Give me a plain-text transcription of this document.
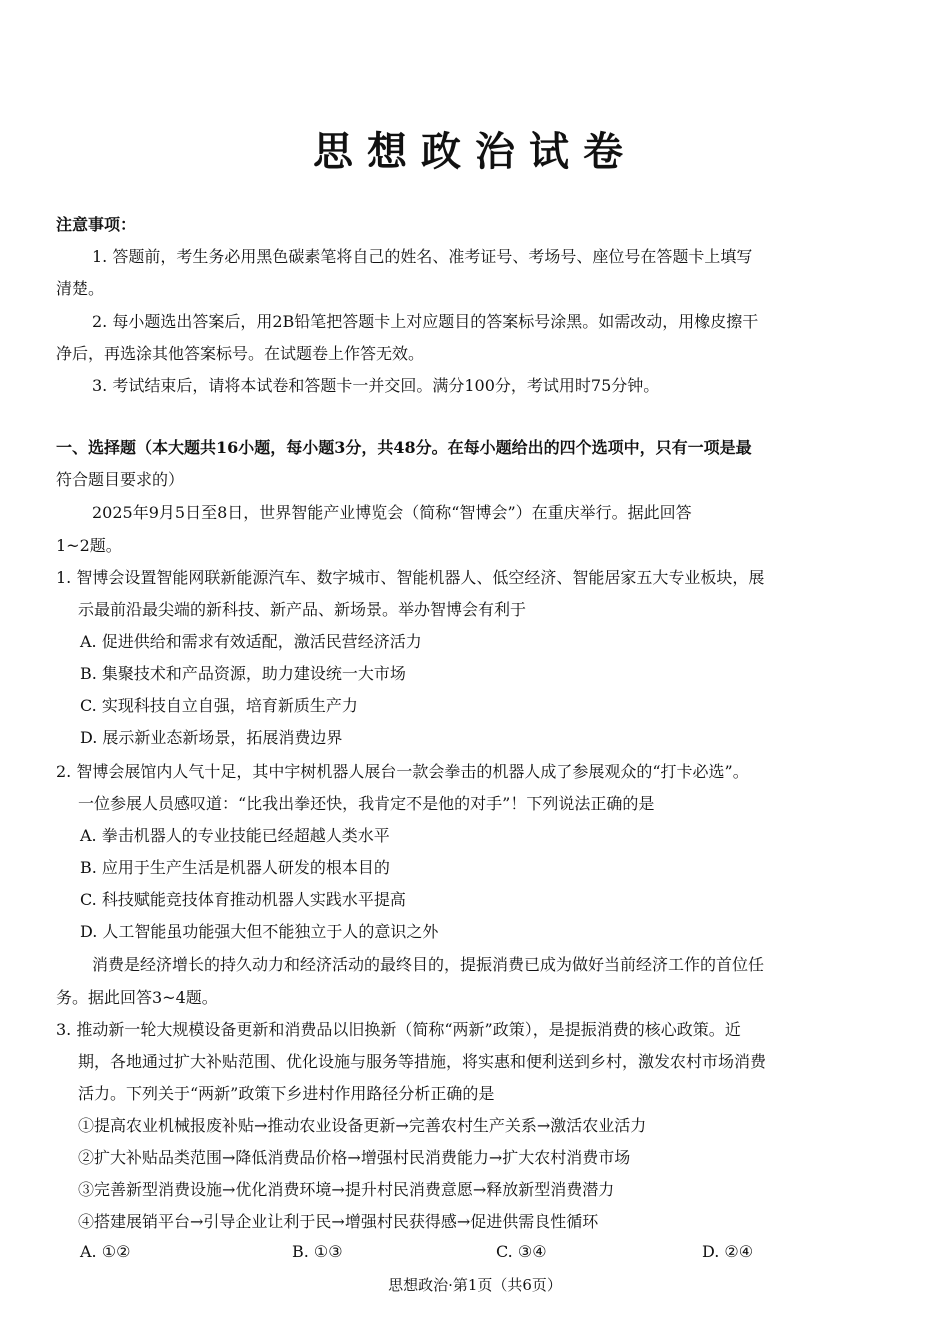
思想政治试卷
注意事项：
1. 答题前，考生务必用黑色碳素笔将自己的姓名、准考证号、考场号、座位号在答题卡上填写
清楚。
2. 每小题选出答案后，用2B铅笔把答题卡上对应题目的答案标号涂黑。如需改动，用橡皮擦干
净后，再选涂其他答案标号。在试题卷上作答无效。
3. 考试结束后，请将本试卷和答题卡一并交回。满分100分，考试用时75分钟。
一、选择题（本大题共16小题，每小题3分，共48分。在每小题给出的四个选项中，只有一项是最
符合题目要求的）
2025年9月5日至8日，世界智能产业博览会（简称“智博会”）在重庆举行。据此回答
1~2题。
1. 智博会设置智能网联新能源汽车、数字城市、智能机器人、低空经济、智能居家五大专业板块，展
示最前沿最尖端的新科技、新产品、新场景。举办智博会有利于
A. 促进供给和需求有效适配，激活民营经济活力
B. 集聚技术和产品资源，助力建设统一大市场
C. 实现科技自立自强，培育新质生产力
D. 展示新业态新场景，拓展消费边界
2. 智博会展馆内人气十足，其中宇树机器人展台一款会拳击的机器人成了参展观众的“打卡必选”。
一位参展人员感叹道：“比我出拳还快，我肯定不是他的对手”！下列说法正确的是
A. 拳击机器人的专业技能已经超越人类水平
B. 应用于生产生活是机器人研发的根本目的
C. 科技赋能竞技体育推动机器人实践水平提高
D. 人工智能虽功能强大但不能独立于人的意识之外
消费是经济增长的持久动力和经济活动的最终目的，提振消费已成为做好当前经济工作的首位任
务。据此回答3~4题。
3. 推动新一轮大规模设备更新和消费品以旧换新（简称“两新”政策），是提振消费的核心政策。近
期，各地通过扩大补贴范围、优化设施与服务等措施，将实惠和便利送到乡村，激发农村市场消费
活力。下列关于“两新”政策下乡进村作用路径分析正确的是
①提高农业机械报废补贴→推动农业设备更新→完善农村生产关系→激活农业活力
②扩大补贴品类范围→降低消费品价格→增强村民消费能力→扩大农村消费市场
③完善新型消费设施→优化消费环境→提升村民消费意愿→释放新型消费潜力
④搭建展销平台→引导企业让利于民→增强村民获得感→促进供需良性循环
A. ①②	B. ①③	C. ③④	D. ②④
思想政治·第1页（共6页）
